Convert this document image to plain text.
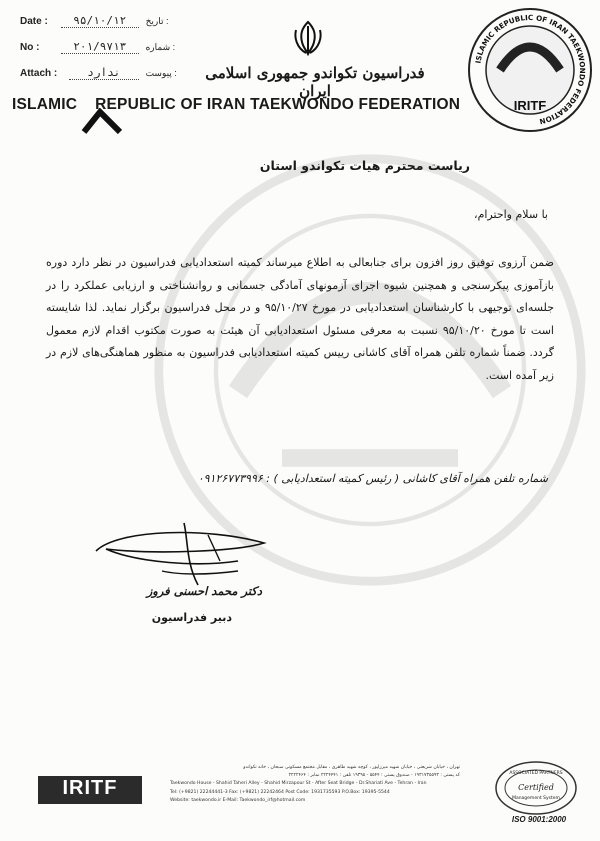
Date : ۹۵/۱۰/۱۲ : تاریخ
No :	۲۰۱/۹۷۱۳ : شماره
Attach :	ندارد	: پیوست	فدراسیون تکواندو جمهوری اسلامی ایران
ISLAMIC REPUBLIC OF IRAN TAEKWONDO FEDERATION
ISLAMIC REPUBLIC OF IRAN TAEKWONDO FEDERATION
IRITF
ریاست محترم هیات تکواندو استان
با سلام واحترام،
ضمن آرزوی توفیق روز افزون برای جنابعالی به اطلاع میرساند کمیته استعدادیابی فدراسیون در نظر دارد دوره بازآموزی پیکرسنجی و همچنین شیوه اجرای آزمونهای آمادگی جسمانی و روانشناختی و ارزیابی عملکرد را در جلسه‌ای توجیهی با کارشناسان استعدادیابی در مورخ ۹۵/۱۰/۲۷ و در محل فدراسیون برگزار نماید. لذا شایسته است تا مورخ ۹۵/۱۰/۲۰ نسبت به معرفی مسئول استعدادیابی آن هیئت به صورت مکتوب اقدام لازم معمول گردد. ضمناً شماره تلفن همراه آقای کاشانی رییس کمیته استعدادیابی فدراسیون به منظور هماهنگی‌های لازم در زیر آمده است.
شماره تلفن همراه آقای کاشانی ( رئیس کمیته استعدادیابی ) : ۰۹۱۲۶۷۷۳۹۹۶
دکتر محمد احسنی فروز
دبیر فدراسیون
IRITF
تهران ، خیابان شریعتی ، خیابان شهید میرزاپور ، کوچه شهید طاهری ، مقابل مجتمع مسکونی سبحان ، خانه تکواندو
کد پستی : ۱۹۳۱۷۳۵۵۹۳ - صندوق پستی : ۵۵۴۴ - ۱۹۳۹۵ تلفن : ۲۲۲۴۴۴۱ نمابر : ۲۲۲۲۴۶۴
Taekwondo House - Shahid Taheri Alley - Shahid Mirzapour St - After Seat Bridge - Dr.Shariati Ave - Tehran - Iran
Tel: (+9821) 22244441-3 Fax: (+9821) 22242464 Post Code: 1931735593 P.O.Box: 19395-5544
Website: taekwondo.ir E-Mail: Taekwondo_irf@hotmail.com
ASSOCIATED PARTNERS
Certified
Management System
ISO 9001:2000
